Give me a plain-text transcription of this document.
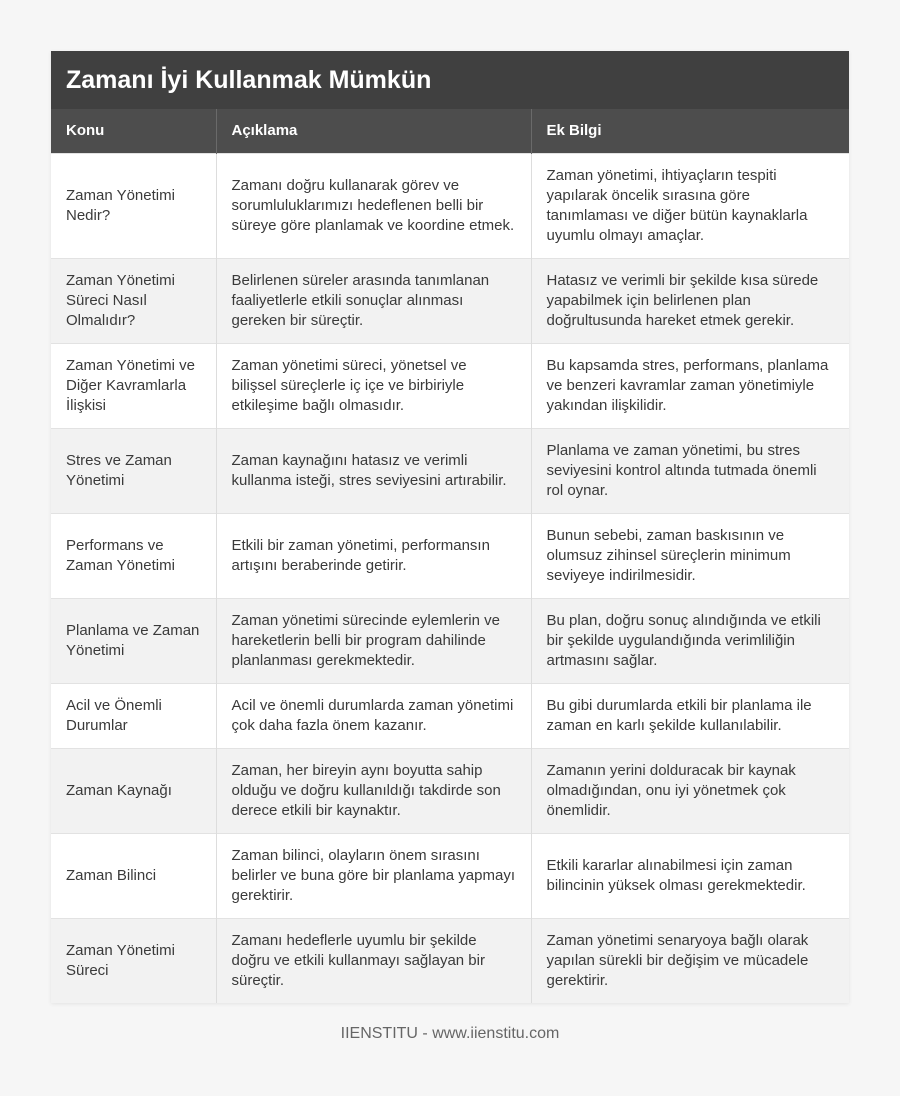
Zamanı İyi Kullanmak Mümkün
Konu	Açıklama	Ek Bilgi
Zaman Yönetimi Nedir?	Zamanı doğru kullanarak görev ve sorumluluklarımızı hedeflenen belli bir süreye göre planlamak ve koordine etmek.	Zaman yönetimi, ihtiyaçların tespiti yapılarak öncelik sırasına göre tanımlaması ve diğer bütün kaynaklarla uyumlu olmayı amaçlar.
Zaman Yönetimi Süreci Nasıl Olmalıdır?	Belirlenen süreler arasında tanımlanan faaliyetlerle etkili sonuçlar alınması gereken bir süreçtir.	Hatasız ve verimli bir şekilde kısa sürede yapabilmek için belirlenen plan doğrultusunda hareket etmek gerekir.
Zaman Yönetimi ve Diğer Kavramlarla İlişkisi	Zaman yönetimi süreci, yönetsel ve bilişsel süreçlerle iç içe ve birbiriyle etkileşime bağlı olmasıdır.	Bu kapsamda stres, performans, planlama ve benzeri kavramlar zaman yönetimiyle yakından ilişkilidir.
Stres ve Zaman Yönetimi	Zaman kaynağını hatasız ve verimli kullanma isteği, stres seviyesini artırabilir.	Planlama ve zaman yönetimi, bu stres seviyesini kontrol altında tutmada önemli rol oynar.
Performans ve Zaman Yönetimi	Etkili bir zaman yönetimi, performansın artışını beraberinde getirir.	Bunun sebebi, zaman baskısının ve olumsuz zihinsel süreçlerin minimum seviyeye indirilmesidir.
Planlama ve Zaman Yönetimi	Zaman yönetimi sürecinde eylemlerin ve hareketlerin belli bir program dahilinde planlanması gerekmektedir.	Bu plan, doğru sonuç alındığında ve etkili bir şekilde uygulandığında verimliliğin artmasını sağlar.
Acil ve Önemli Durumlar	Acil ve önemli durumlarda zaman yönetimi çok daha fazla önem kazanır.	Bu gibi durumlarda etkili bir planlama ile zaman en karlı şekilde kullanılabilir.
Zaman Kaynağı	Zaman, her bireyin aynı boyutta sahip olduğu ve doğru kullanıldığı takdirde son derece etkili bir kaynaktır.	Zamanın yerini dolduracak bir kaynak olmadığından, onu iyi yönetmek çok önemlidir.
Zaman Bilinci	Zaman bilinci, olayların önem sırasını belirler ve buna göre bir planlama yapmayı gerektirir.	Etkili kararlar alınabilmesi için zaman bilincinin yüksek olması gerekmektedir.
Zaman Yönetimi Süreci	Zamanı hedeflerle uyumlu bir şekilde doğru ve etkili kullanmayı sağlayan bir süreçtir.	Zaman yönetimi senaryoya bağlı olarak yapılan sürekli bir değişim ve mücadele gerektirir.
IIENSTITU - www.iienstitu.com
